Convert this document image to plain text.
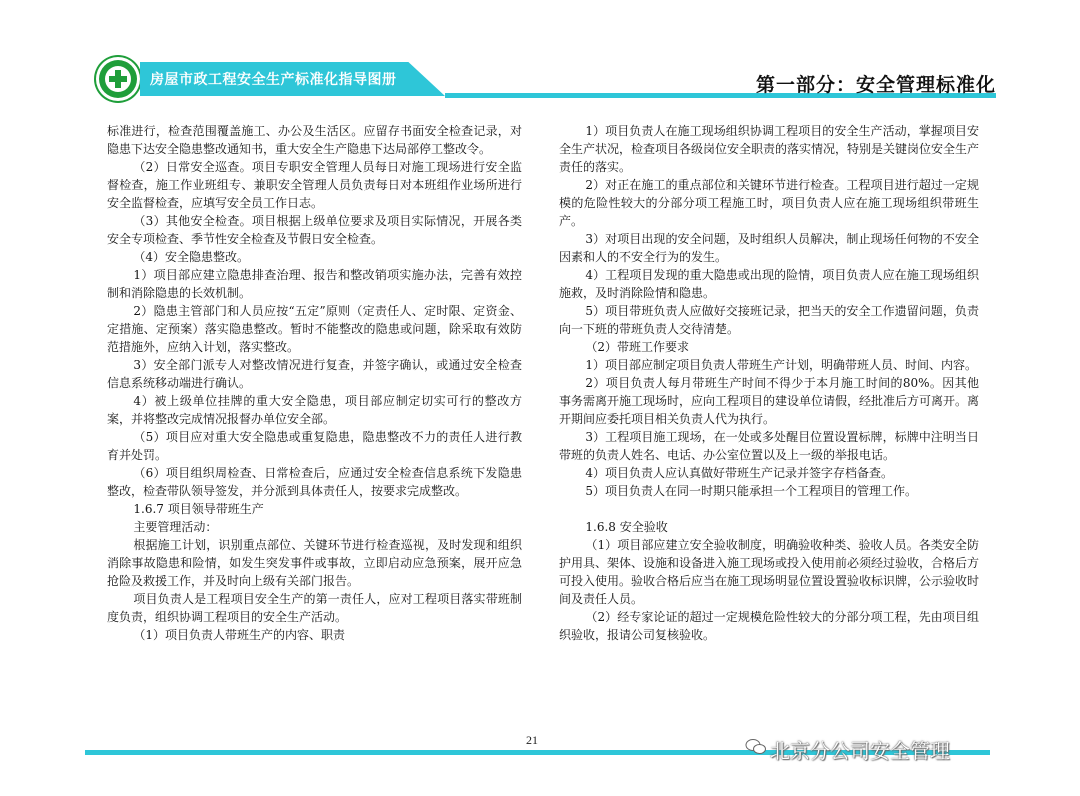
房屋市政工程安全生产标准化指导图册	第一部分：安全管理标准化

标准进行，检查范围覆盖施工、办公及生活区。应留存书面安全检查记录，对隐患下达安全隐患整改通知书，重大安全生产隐患下达局部停工整改令。

（2）日常安全巡查。项目专职安全管理人员每日对施工现场进行安全监督检查，施工作业班组专、兼职安全管理人员负责每日对本班组作业场所进行安全监督检查，应填写安全员工作日志。

（3）其他安全检查。项目根据上级单位要求及项目实际情况，开展各类安全专项检查、季节性安全检查及节假日安全检查。

（4）安全隐患整改。

1）项目部应建立隐患排查治理、报告和整改销项实施办法，完善有效控制和消除隐患的长效机制。

2）隐患主管部门和人员应按“五定”原则（定责任人、定时限、定资金、定措施、定预案）落实隐患整改。暂时不能整改的隐患或问题，除采取有效防范措施外，应纳入计划，落实整改。

3）安全部门派专人对整改情况进行复查，并签字确认，或通过安全检查信息系统移动端进行确认。

4）被上级单位挂牌的重大安全隐患，项目部应制定切实可行的整改方案，并将整改完成情况报督办单位安全部。

（5）项目应对重大安全隐患或重复隐患，隐患整改不力的责任人进行教育并处罚。

（6）项目组织周检查、日常检查后，应通过安全检查信息系统下发隐患整改，检查带队领导签发，并分派到具体责任人，按要求完成整改。

1.6.7 项目领导带班生产

主要管理活动：

根据施工计划，识别重点部位、关键环节进行检查巡视，及时发现和组织消除事故隐患和险情，如发生突发事件或事故，立即启动应急预案，展开应急抢险及救援工作，并及时向上级有关部门报告。

项目负责人是工程项目安全生产的第一责任人，应对工程项目落实带班制度负责，组织协调工程项目的安全生产活动。

（1）项目负责人带班生产的内容、职责

1）项目负责人在施工现场组织协调工程项目的安全生产活动，掌握项目安全生产状况，检查项目各级岗位安全职责的落实情况，特别是关键岗位安全生产责任的落实。

2）对正在施工的重点部位和关键环节进行检查。工程项目进行超过一定规模的危险性较大的分部分项工程施工时，项目负责人应在施工现场组织带班生产。

3）对项目出现的安全问题，及时组织人员解决，制止现场任何物的不安全因素和人的不安全行为的发生。

4）工程项目发现的重大隐患或出现的险情，项目负责人应在施工现场组织施救，及时消除险情和隐患。

5）项目带班负责人应做好交接班记录，把当天的安全工作遗留问题，负责向一下班的带班负责人交待清楚。

（2）带班工作要求

1）项目部应制定项目负责人带班生产计划，明确带班人员、时间、内容。

2）项目负责人每月带班生产时间不得少于本月施工时间的80%。因其他事务需离开施工现场时，应向工程项目的建设单位请假，经批准后方可离开。离开期间应委托项目相关负责人代为执行。

3）工程项目施工现场，在一处或多处醒目位置设置标牌，标牌中注明当日带班的负责人姓名、电话、办公室位置以及上一级的举报电话。

4）项目负责人应认真做好带班生产记录并签字存档备查。

5）项目负责人在同一时期只能承担一个工程项目的管理工作。

1.6.8 安全验收

（1）项目部应建立安全验收制度，明确验收种类、验收人员。各类安全防护用具、架体、设施和设备进入施工现场或投入使用前必须经过验收，合格后方可投入使用。验收合格后应当在施工现场明显位置设置验收标识牌，公示验收时间及责任人员。

（2）经专家论证的超过一定规模危险性较大的分部分项工程，先由项目组织验收，报请公司复核验收。

21	北京分公司安全管理
